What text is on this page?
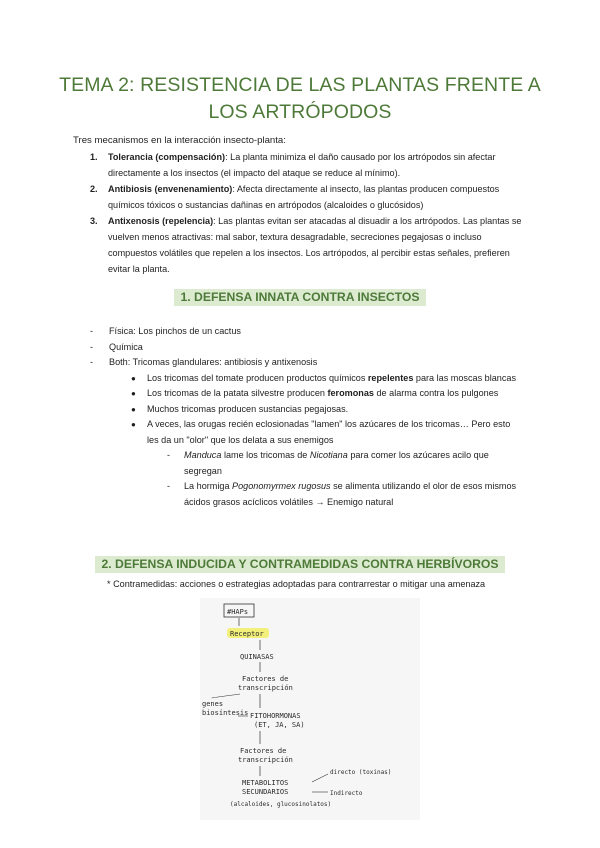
TEMA 2: RESISTENCIA DE LAS PLANTAS FRENTE A
LOS ARTRÓPODOS
Tres mecanismos en la interacción insecto-planta:
1. Tolerancia (compensación): La planta minimiza el daño causado por los artrópodos sin afectar directamente a los insectos (el impacto del ataque se reduce al mínimo).
2. Antibiosis (envenenamiento): Afecta directamente al insecto, las plantas producen compuestos químicos tóxicos o sustancias dañinas en artrópodos (alcaloides o glucósidos)
3. Antixenosis (repelencia): Las plantas evitan ser atacadas al disuadir a los artrópodos. Las plantas se vuelven menos atractivas: mal sabor, textura desagradable, secreciones pegajosas o incluso compuestos volátiles que repelen a los insectos. Los artrópodos, al percibir estas señales, prefieren evitar la planta.
1. DEFENSA INNATA CONTRA INSECTOS
- Física: Los pinchos de un cactus
- Química
- Both: Tricomas glandulares: antibiosis y antixenosis
● Los tricomas del tomate producen productos químicos repelentes para las moscas blancas
● Los tricomas de la patata silvestre producen feromonas de alarma contra los pulgones
● Muchos tricomas producen sustancias pegajosas.
● A veces, las orugas recién eclosionadas "lamen" los azúcares de los tricomas… Pero esto les da un "olor" que los delata a sus enemigos
- Manduca lame los tricomas de Nicotiana para comer los azúcares acilo que segregan
- La hormiga Pogonomyrmex rugosus se alimenta utilizando el olor de esos mismos ácidos grasos acíclicos volátiles → Enemigo natural
2. DEFENSA INDUCIDA Y CONTRAMEDIDAS CONTRA HERBÍVOROS
* Contramedidas: acciones o estrategias adoptadas para contrarrestar o mitigar una amenaza
#HAPs
Receptor
QUINASAS
Factores de
transcripción
genes
biosíntesis FITOHORMONAS
(ET, JA, SA)
Factores de
transcripción
METABOLITOS
SECUNDARIOS
(alcaloides, glucosinolatos)
directo (toxinas)
Indirecto
